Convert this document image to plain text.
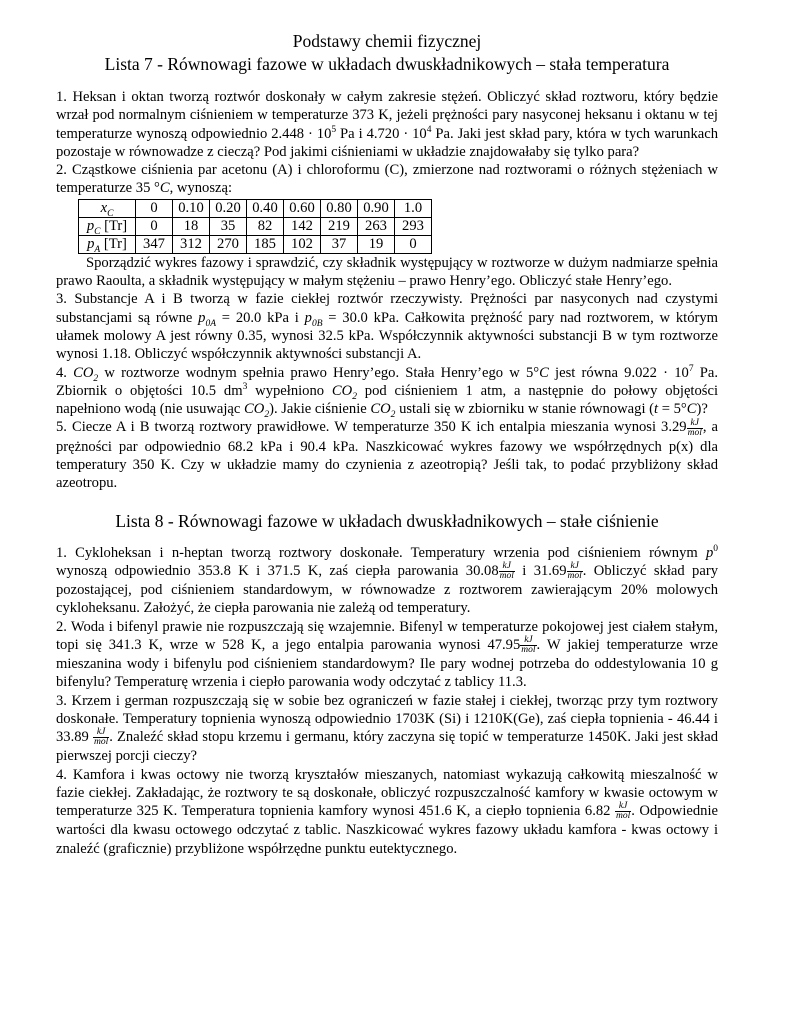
Podstawy chemii fizycznej

Lista 7 - Równowagi fazowe w układach dwuskładnikowych – stała temperatura

1. Heksan i oktan tworzą roztwór doskonały w całym zakresie stężeń. Obliczyć skład roztworu, który będzie wrzał pod normalnym ciśnieniem w temperaturze 373 K, jeżeli prężności pary nasyconej heksanu i oktanu w tej temperaturze wynoszą odpowiednio $2.448 \cdot 10^5$ Pa i $4.720 \cdot 10^4$ Pa. Jaki jest skład pary, która w tych warunkach pozostaje w równowadze z cieczą? Pod jakimi ciśnieniami w układzie znajdowałaby się tylko para?

2. Cząstkowe ciśnienia par acetonu (A) i chloroformu (C), zmierzone nad roztworami o różnych stężeniach w temperaturze 35 °C, wynoszą:

$x_C$	0	0.10	0.20	0.40	0.60	0.80	0.90	1.0
$p_C$ [Tr]	0	18	35	82	142	219	263	293
$p_A$ [Tr]	347	312	270	185	102	37	19	0

Sporządzić wykres fazowy i sprawdzić, czy składnik występujący w roztworze w dużym nadmiarze spełnia prawo Raoulta, a składnik występujący w małym stężeniu – prawo Henry’ego. Obliczyć stałe Henry’ego.

3. Substancje A i B tworzą w fazie ciekłej roztwór rzeczywisty. Prężności par nasyconych nad czystymi substancjami są równe $p_{0A} = 20.0$ kPa i $p_{0B} = 30.0$ kPa. Całkowita prężność pary nad roztworem, w którym ułamek molowy A jest równy 0.35, wynosi 32.5 kPa. Współczynnik aktywności substancji B w tym roztworze wynosi 1.18. Obliczyć współczynnik aktywności substancji A.

4. $CO_2$ w roztworze wodnym spełnia prawo Henry’ego. Stała Henry’ego w 5°C jest równa $9.022 \cdot 10^7$ Pa. Zbiornik o objętości 10.5 $dm^3$ wypełniono $CO_2$ pod ciśnieniem 1 atm, a następnie do połowy objętości napełniono wodą (nie usuwając $CO_2$). Jakie ciśnienie $CO_2$ ustali się w zbiorniku w stanie równowagi (t = 5°C)?

5. Ciecze A i B tworzą roztwory prawidłowe. W temperaturze 350 K ich entalpia mieszania wynosi $3.29 \frac{kJ}{\text{mol}}$ , a prężności par odpowiednio 68.2 kPa i 90.4 kPa. Naszkicować wykres fazowy we współrzędnych p(x) dla temperatury 350 K. Czy w układzie mamy do czynienia z azeotropią? Jeśli tak, to podać przybliżony skład azeotropu.

Lista 8 - Równowagi fazowe w układach dwuskładnikowych – stałe ciśnienie

1. Cykloheksan i n-heptan tworzą roztwory doskonałe. Temperatury wrzenia pod ciśnieniem równym $p^0$ wynoszą odpowiednio 353.8 K i 371.5 K, zaś ciepła parowania $30.08 \frac{kJ}{\text{mol}}$ i $31.69 \frac{kJ}{\text{mol}}$ . Obliczyć skład pary pozostającej, pod ciśnieniem standardowym, w równowadze z roztworem zawierającym 20% molowych cykloheksanu. Założyć, że ciepła parowania nie zależą od temperatury.

2. Woda i bifenyl prawie nie rozpuszczają się wzajemnie. Bifenyl w temperaturze pokojowej jest ciałem stałym, topi się 341.3 K, wrze w 528 K, a jego entalpia parowania wynosi $47.95 \frac{kJ}{\text{mol}}$ . W jakiej temperaturze wrze mieszanina wody i bifenylu pod ciśnieniem standardowym? Ile pary wodnej potrzeba do oddestylowania 10 g bifenylu? Temperaturę wrzenia i ciepło parowania wody odczytać z tablicy 11.3.

3. Krzem i german rozpuszczają się w sobie bez ograniczeń w fazie stałej i ciekłej, tworząc przy tym roztwory doskonałe. Temperatury topnienia wynoszą odpowiednio 1703K (Si) i 1210K(Ge), zaś ciepła topnienia - 46.44 i $33.89 \frac{kJ}{\text{mol}}$ . Znaleźć skład stopu krzemu i germanu, który zaczyna się topić w temperaturze 1450K. Jaki jest skład pierwszej porcji cieczy?

4. Kamfora i kwas octowy nie tworzą kryształów mieszanych, natomiast wykazują całkowitą mieszalność w fazie ciekłej. Zakładając, że roztwory te są doskonałe, obliczyć rozpuszczalność kamfory w kwasie octowym w temperaturze 325 K. Temperatura topnienia kamfory wynosi 451.6 K, a ciepło topnienia $6.82 \frac{kJ}{\text{mol}}$ . Odpowiednie wartości dla kwasu octowego odczytać z tablic. Naszkicować wykres fazowy układu kamfora - kwas octowy i znaleźć (graficznie) przybliżone współrzędne punktu eutektycznego.
